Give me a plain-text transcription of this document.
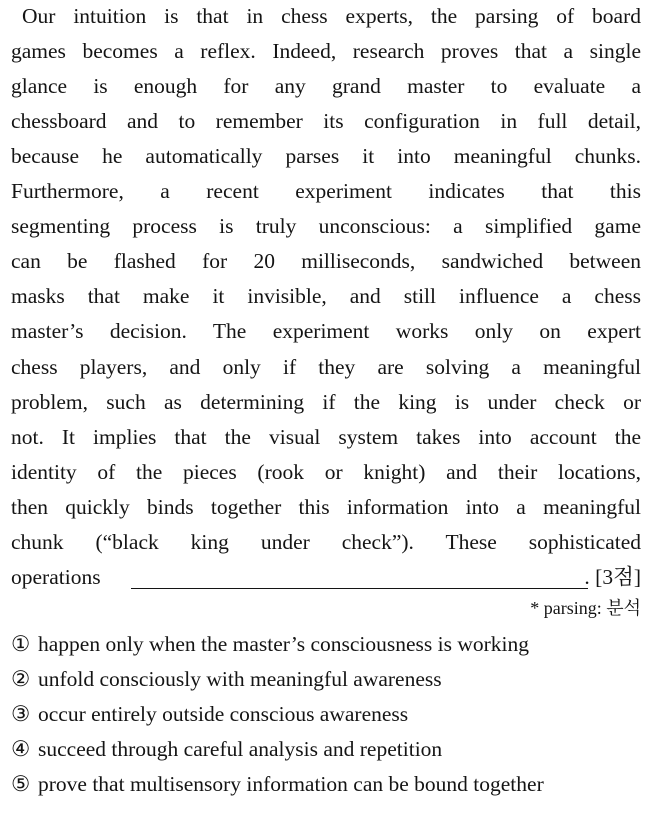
Our intuition is that in chess experts, the parsing of board
games becomes a reflex. Indeed, research proves that a single
glance is enough for any grand master to evaluate a
chessboard and to remember its configuration in full detail,
because he automatically parses it into meaningful chunks.
Furthermore, a recent experiment indicates that this
segmenting process is truly unconscious: a simplified game
can be flashed for 20 milliseconds, sandwiched between
masks that make it invisible, and still influence a chess
master’s decision. The experiment works only on expert
chess players, and only if they are solving a meaningful
problem, such as determining if the king is under check or
not. It implies that the visual system takes into account the
identity of the pieces (rook or knight) and their locations,
then quickly binds together this information into a meaningful
chunk (“black king under check”). These sophisticated
operations	. [3점]
* parsing: 분석
① happen only when the master’s consciousness is working
② unfold consciously with meaningful awareness
③ occur entirely outside conscious awareness
④ succeed through careful analysis and repetition
⑤ prove that multisensory information can be bound together
